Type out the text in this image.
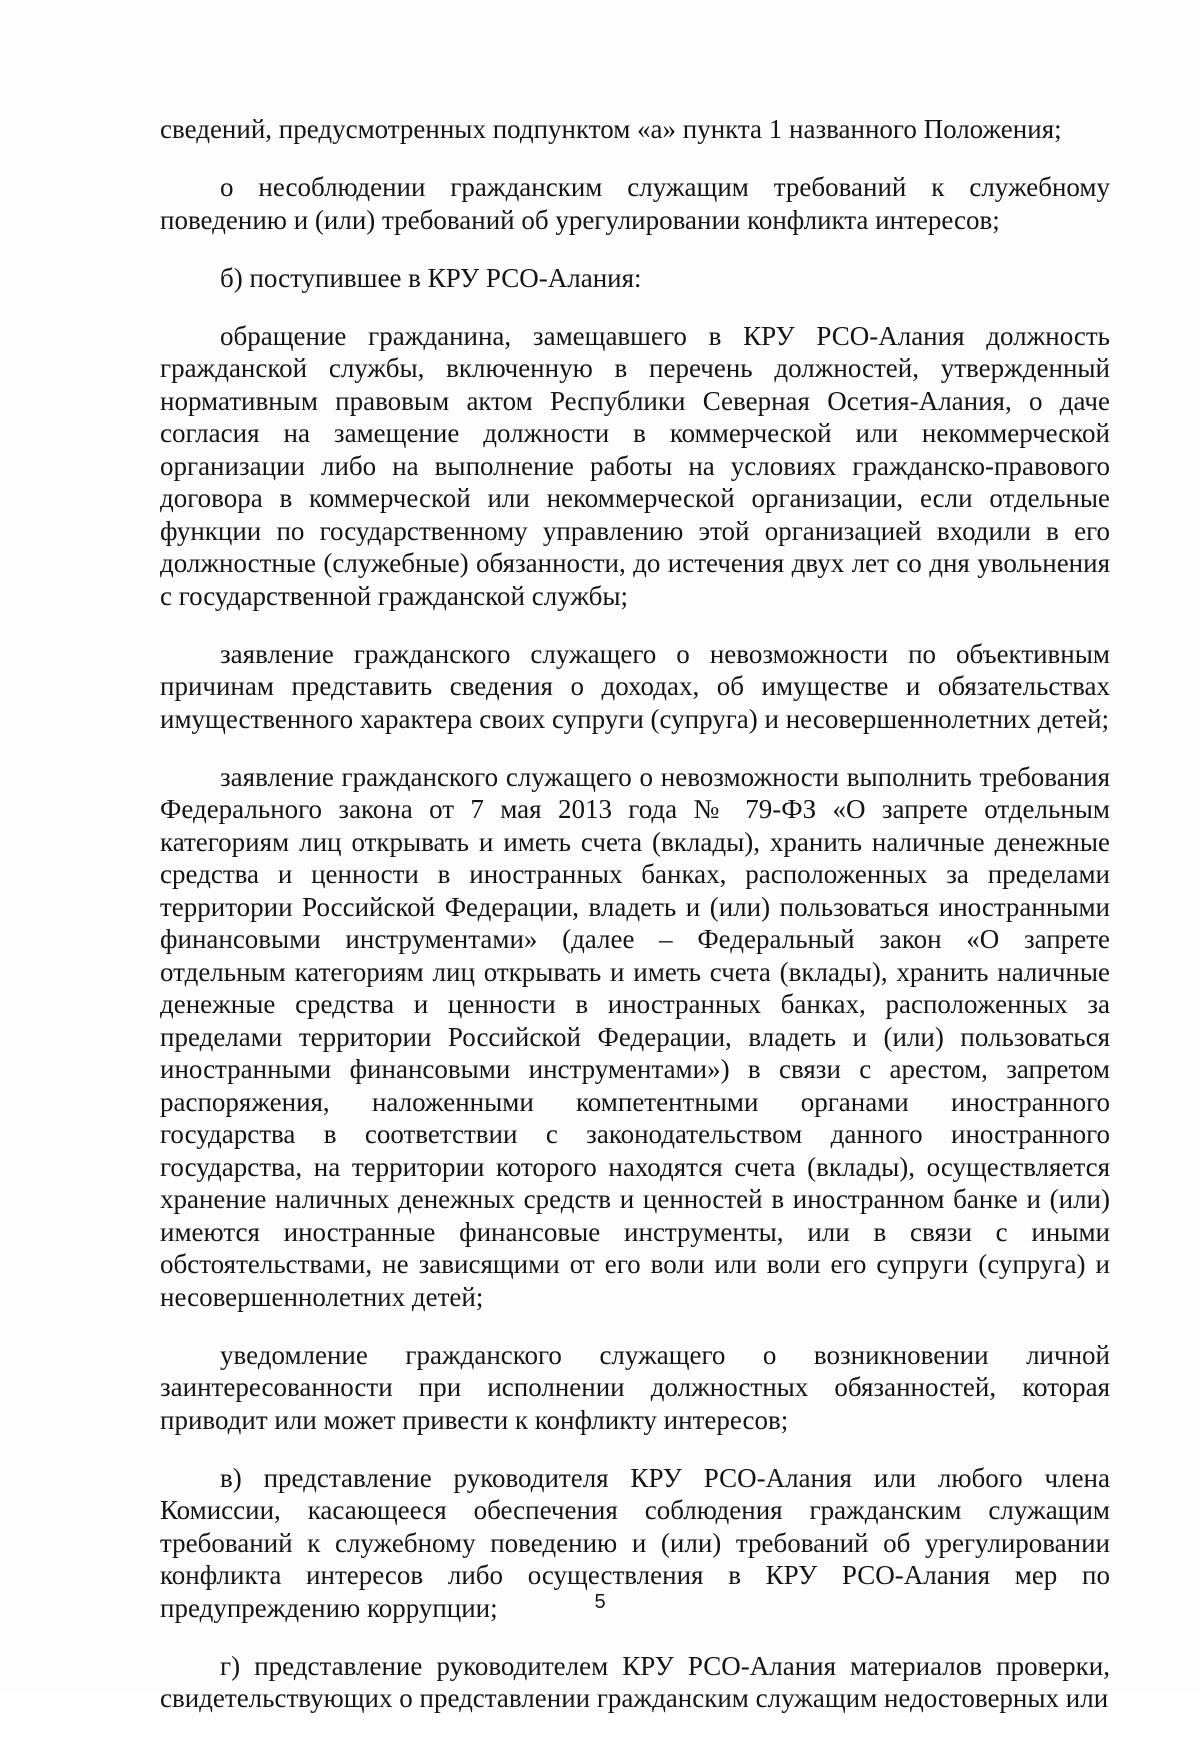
сведений, предусмотренных подпунктом «а» пункта 1 названного Положения;

о несоблюдении гражданским служащим требований к служебному поведению и (или) требований об урегулировании конфликта интересов;

б) поступившее в КРУ РСО-Алания:

обращение гражданина, замещавшего в КРУ РСО-Алания должность гражданской службы, включенную в перечень должностей, утвержденный нормативным правовым актом Республики Северная Осетия-Алания, о даче согласия на замещение должности в коммерческой или некоммерческой организации либо на выполнение работы на условиях гражданско-правового договора в коммерческой или некоммерческой организации, если отдельные функции по государственному управлению этой организацией входили в его должностные (служебные) обязанности, до истечения двух лет со дня увольнения с государственной гражданской службы;

заявление гражданского служащего о невозможности по объективным причинам представить сведения о доходах, об имуществе и обязательствах имущественного характера своих супруги (супруга) и несовершеннолетних детей;

заявление гражданского служащего о невозможности выполнить требования Федерального закона от 7 мая 2013 года № 79-ФЗ «О запрете отдельным категориям лиц открывать и иметь счета (вклады), хранить наличные денежные средства и ценности в иностранных банках, расположенных за пределами территории Российской Федерации, владеть и (или) пользоваться иностранными финансовыми инструментами» (далее – Федеральный закон «О запрете отдельным категориям лиц открывать и иметь счета (вклады), хранить наличные денежные средства и ценности в иностранных банках, расположенных за пределами территории Российской Федерации, владеть и (или) пользоваться иностранными финансовыми инструментами») в связи с арестом, запретом распоряжения, наложенными компетентными органами иностранного государства в соответствии с законодательством данного иностранного государства, на территории которого находятся счета (вклады), осуществляется хранение наличных денежных средств и ценностей в иностранном банке и (или) имеются иностранные финансовые инструменты, или в связи с иными обстоятельствами, не зависящими от его воли или воли его супруги (супруга) и несовершеннолетних детей;

уведомление гражданского служащего о возникновении личной заинтересованности при исполнении должностных обязанностей, которая приводит или может привести к конфликту интересов;

в) представление руководителя КРУ РСО-Алания или любого члена Комиссии, касающееся обеспечения соблюдения гражданским служащим требований к служебному поведению и (или) требований об урегулировании конфликта интересов либо осуществления в КРУ РСО-Алания мер по предупреждению коррупции;

г) представление руководителем КРУ РСО-Алания материалов проверки, свидетельствующих о представлении гражданским служащим недостоверных или

5
